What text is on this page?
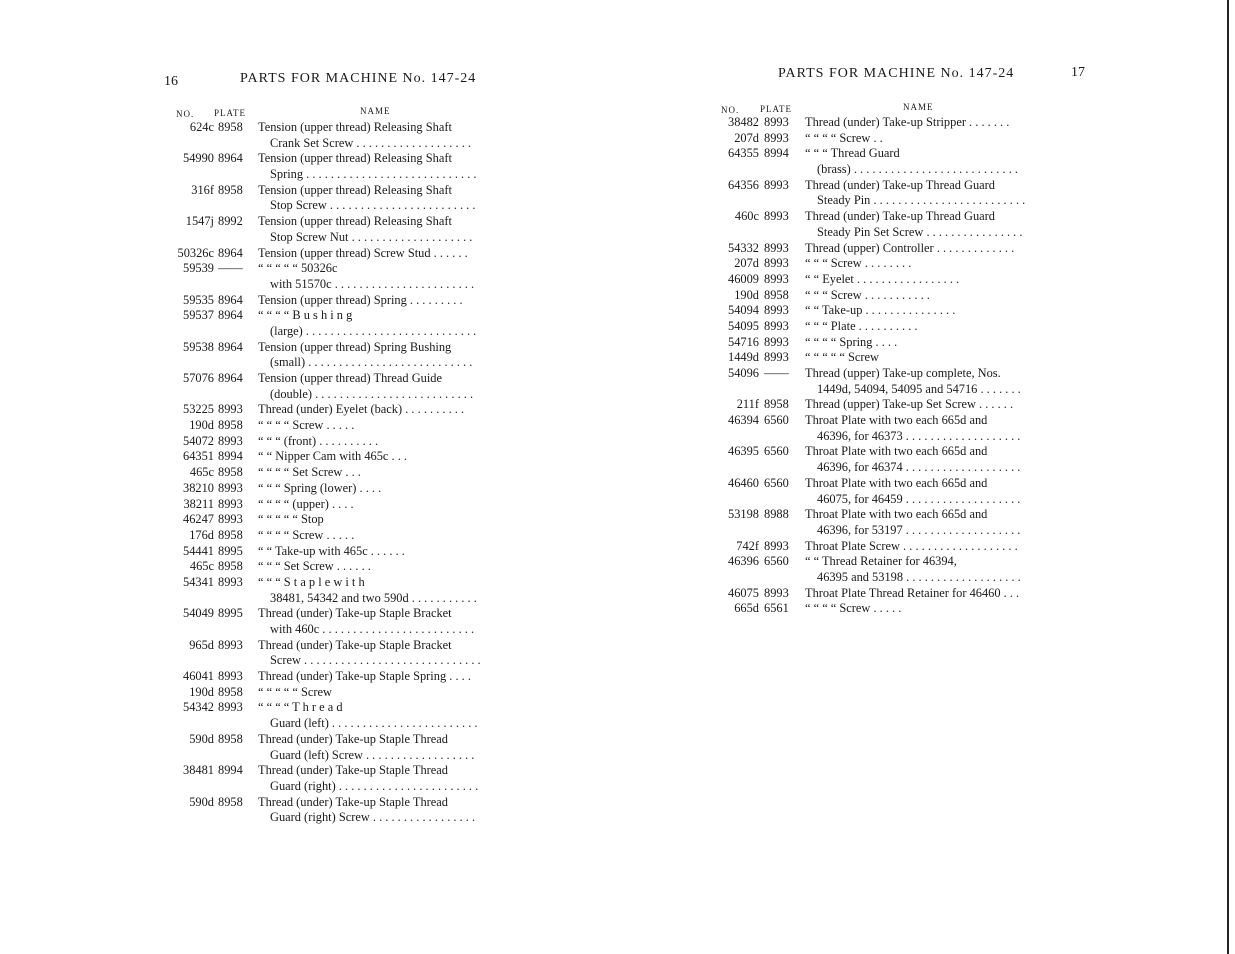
16	PARTS FOR MACHINE No. 147-24
NO. PLATE	NAME
624c 8958	Tension (upper thread) Releasing Shaft
Crank Set Screw . . . . . . . . . . . . . . . . . . .
54990 8964	Tension (upper thread) Releasing Shaft
Spring . . . . . . . . . . . . . . . . . . . . . . . . . . . .
316f 8958	Tension (upper thread) Releasing Shaft
Stop Screw . . . . . . . . . . . . . . . . . . . . . . . .
1547j 8992	Tension (upper thread) Releasing Shaft
Stop Screw Nut . . . . . . . . . . . . . . . . . . . .
50326c 8964	Tension (upper thread) Screw Stud . . . . . .
59539 ——	“ “ “ “ “ 50326c
with 51570c . . . . . . . . . . . . . . . . . . . . . . .
59535 8964	Tension (upper thread) Spring . . . . . . . . .
59537 8964	“ “ “ “ B u s h i n g
(large) . . . . . . . . . . . . . . . . . . . . . . . . . . . .
59538 8964	Tension (upper thread) Spring Bushing
(small) . . . . . . . . . . . . . . . . . . . . . . . . . . .
57076 8964	Tension (upper thread) Thread Guide
(double) . . . . . . . . . . . . . . . . . . . . . . . . . .
53225 8993	Thread (under) Eyelet (back) . . . . . . . . . .
190d 8958	“ “ “ “ Screw . . . . .
54072 8993	“ “ “ (front) . . . . . . . . . .
64351 8994	“ “ Nipper Cam with 465c . . .
465c 8958	“ “ “ “ Set Screw . . .
38210 8993	“ “ “ Spring (lower) . . . .
38211 8993	“ “ “ “ (upper) . . . .
46247 8993	“ “ “ “ “ Stop
176d 8958	“ “ “ “ Screw . . . . .
54441 8995	“ “ Take-up with 465c . . . . . .
465c 8958	“ “ “ Set Screw . . . . . .
54341 8993	“ “ “ S t a p l e w i t h
38481, 54342 and two 590d . . . . . . . . . . .
54049 8995	Thread (under) Take-up Staple Bracket
with 460c . . . . . . . . . . . . . . . . . . . . . . . . .
965d 8993	Thread (under) Take-up Staple Bracket
Screw . . . . . . . . . . . . . . . . . . . . . . . . . . . . .
46041 8993	Thread (under) Take-up Staple Spring . . . .
190d 8958	“ “ “ “ “ Screw
54342 8993	“ “ “ “ T h r e a d
Guard (left) . . . . . . . . . . . . . . . . . . . . . . . .
590d 8958	Thread (under) Take-up Staple Thread
Guard (left) Screw . . . . . . . . . . . . . . . . . .
38481 8994	Thread (under) Take-up Staple Thread
Guard (right) . . . . . . . . . . . . . . . . . . . . . . .
590d 8958	Thread (under) Take-up Staple Thread
Guard (right) Screw . . . . . . . . . . . . . . . . .
PARTS FOR MACHINE No. 147-24	17
NO. PLATE	NAME
38482 8993	Thread (under) Take-up Stripper . . . . . . .
207d 8993	“ “ “ “ Screw . .
64355 8994	“ “ “ Thread Guard
(brass) . . . . . . . . . . . . . . . . . . . . . . . . . . .
64356 8993	Thread (under) Take-up Thread Guard
Steady Pin . . . . . . . . . . . . . . . . . . . . . . . . .
460c 8993	Thread (under) Take-up Thread Guard
Steady Pin Set Screw . . . . . . . . . . . . . . . .
54332 8993	Thread (upper) Controller . . . . . . . . . . . . .
207d 8993	“ “ “ Screw . . . . . . . .
46009 8993	“ “ Eyelet . . . . . . . . . . . . . . . . .
190d 8958	“ “ “ Screw . . . . . . . . . . .
54094 8993	“ “ Take-up . . . . . . . . . . . . . . .
54095 8993	“ “ “ Plate . . . . . . . . . .
54716 8993	“ “ “ “ Spring . . . .
1449d 8993	“ “ “ “ “ Screw
54096 ——	Thread (upper) Take-up complete, Nos.
1449d, 54094, 54095 and 54716 . . . . . . .
211f 8958	Thread (upper) Take-up Set Screw . . . . . .
46394 6560	Throat Plate with two each 665d and
46396, for 46373 . . . . . . . . . . . . . . . . . . .
46395 6560	Throat Plate with two each 665d and
46396, for 46374 . . . . . . . . . . . . . . . . . . .
46460 6560	Throat Plate with two each 665d and
46075, for 46459 . . . . . . . . . . . . . . . . . . .
53198 8988	Throat Plate with two each 665d and
46396, for 53197 . . . . . . . . . . . . . . . . . . .
742f 8993	Throat Plate Screw . . . . . . . . . . . . . . . . . . .
46396 6560	“ “ Thread Retainer for 46394,
46395 and 53198 . . . . . . . . . . . . . . . . . . .
46075 8993	Throat Plate Thread Retainer for 46460 . . .
665d 6561	“ “ “ “ Screw . . . . .
